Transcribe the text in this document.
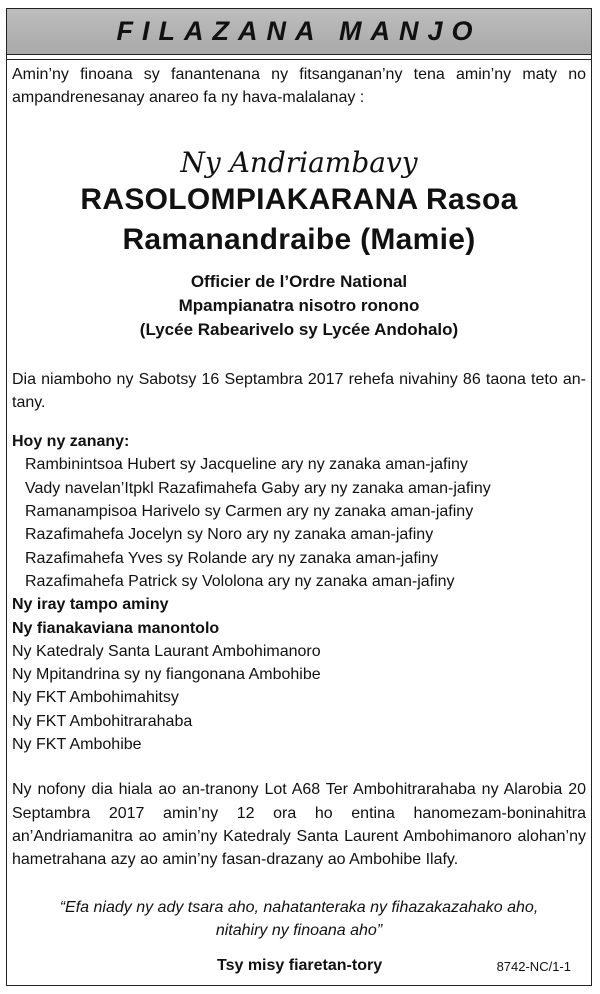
FILAZANA MANJO

Amin’ny finoana sy fanantenana ny fitsanganan’ny tena amin’ny maty no ampandrenesanay anareo fa ny hava-malalanay :

Ny Andriambavy

RASOLOMPIAKARANA Rasoa

Ramanandraibe (Mamie)

Officier de l’Ordre National

Mpampianatra nisotro ronono

(Lycée Rabearivelo sy Lycée Andohalo)

Dia niamboho ny Sabotsy 16 Septambra 2017 rehefa nivahiny 86 taona teto an-tany.

Hoy ny zanany:

Rambinintsoa Hubert sy Jacqueline ary ny zanaka aman-jafiny

Vady navelan’Itpkl Razafimahefa Gaby ary ny zanaka aman-jafiny

Ramanampisoa Harivelo sy Carmen ary ny zanaka aman-jafiny

Razafimahefa Jocelyn sy Noro ary ny zanaka aman-jafiny

Razafimahefa Yves sy Rolande ary ny zanaka aman-jafiny

Razafimahefa Patrick sy Vololona ary ny zanaka aman-jafiny

Ny iray tampo aminy

Ny fianakaviana manontolo

Ny Katedraly Santa Laurant Ambohimanoro

Ny Mpitandrina sy ny fiangonana Ambohibe

Ny FKT Ambohimahitsy

Ny FKT Ambohitrarahaba

Ny FKT Ambohibe

Ny nofony dia hiala ao an-tranony Lot A68 Ter Ambohitrarahaba ny Alarobia 20 Septambra 2017 amin’ny 12 ora ho entina hanomezam-boninahitra an’Andriamanitra ao amin’ny Katedraly Santa Laurent Ambohimanoro alohan’ny hametrahana azy ao amin’ny fasan-drazany ao Ambohibe Ilafy.

“Efa niady ny ady tsara aho, nahatanteraka ny fihazakazahako aho,

nitahiry ny finoana aho”

Tsy misy fiaretan-tory	8742-NC/1-1
